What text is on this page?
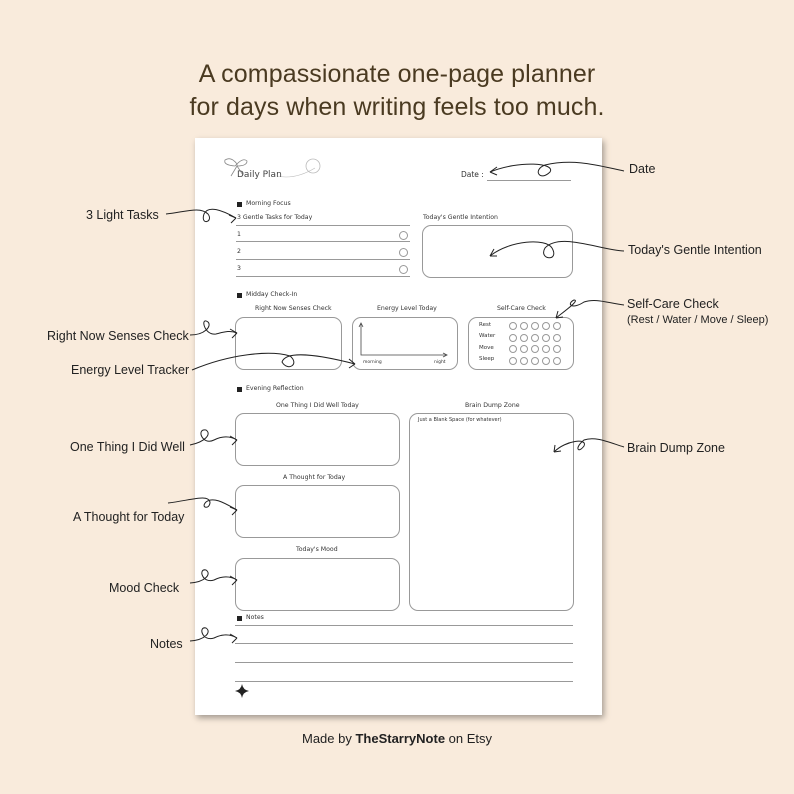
A compassionate one-page planner
for days when writing feels too much.
Daily Plan	Date :
Morning Focus
3 Gentle Tasks for Today	Today's Gentle Intention
1
2
3
Midday Check-In
Right Now Senses Check	Energy Level Today	Self-Care Check
morning	night
Rest
Water
Move
Sleep
Evening Reflection
One Thing I Did Well Today	Brain Dump Zone
Just a Blank Space (for whatever)
A Thought for Today
Today's Mood
Notes
Date
3 Light Tasks
Today's Gentle Intention
Self-Care Check
(Rest / Water / Move / Sleep)
Right Now Senses Check
Energy Level Tracker
One Thing I Did Well	Brain Dump Zone
A Thought for Today
Mood Check
Notes
Made by TheStarryNote on Etsy
